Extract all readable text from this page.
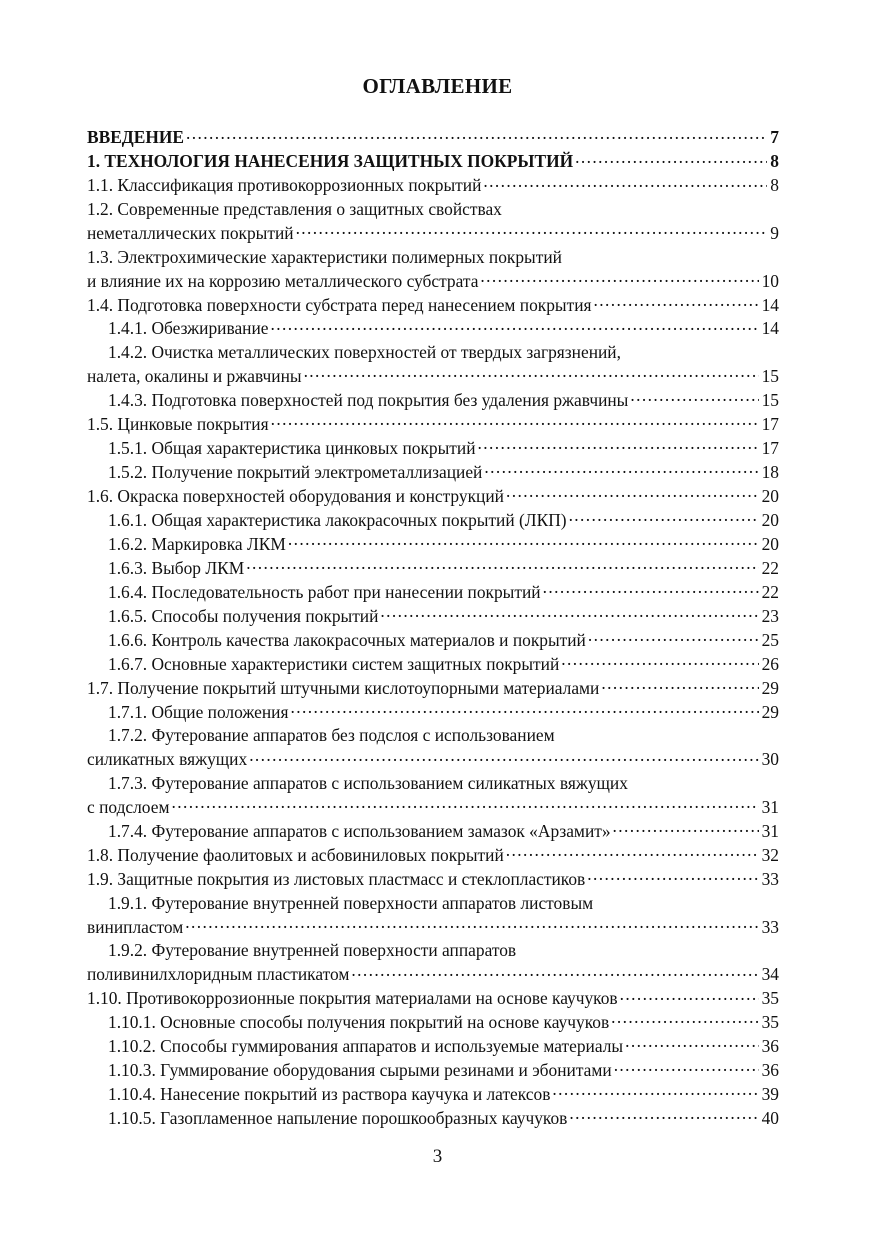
ОГЛАВЛЕНИЕ
ВВЕДЕНИЕ .....	7
1. ТЕХНОЛОГИЯ НАНЕСЕНИЯ ЗАЩИТНЫХ ПОКРЫТИЙ .....	8
1.1. Классификация противокоррозионных покрытий .....	8
1.2. Современные представления о защитных свойствах
неметаллических покрытий .....	9
1.3. Электрохимические характеристики полимерных покрытий
и влияние их на коррозию металлического субстрата .....	10
1.4. Подготовка поверхности субстрата перед нанесением покрытия .....	14
1.4.1. Обезжиривание .....	14
1.4.2. Очистка металлических поверхностей от твердых загрязнений,
налета, окалины и ржавчины .....	15
1.4.3. Подготовка поверхностей под покрытия без удаления ржавчины .....	15
1.5. Цинковые покрытия .....	17
1.5.1. Общая характеристика цинковых покрытий .....	17
1.5.2. Получение покрытий электрометаллизацией .....	18
1.6. Окраска поверхностей оборудования и конструкций .....	20
1.6.1. Общая характеристика лакокрасочных покрытий (ЛКП) .....	20
1.6.2. Маркировка ЛКМ .....	20
1.6.3. Выбор ЛКМ .....	22
1.6.4. Последовательность работ при нанесении покрытий .....	22
1.6.5. Способы получения покрытий .....	23
1.6.6. Контроль качества лакокрасочных материалов и покрытий .....	25
1.6.7. Основные характеристики систем защитных покрытий .....	26
1.7. Получение покрытий штучными кислотоупорными материалами .....	29
1.7.1. Общие положения .....	29
1.7.2. Футерование аппаратов без подслоя с использованием
силикатных вяжущих .....	30
1.7.3. Футерование аппаратов с использованием силикатных вяжущих
с подслоем .....	31
1.7.4. Футерование аппаратов с использованием замазок «Арзамит» .....	31
1.8. Получение фаолитовых и асбовиниловых покрытий .....	32
1.9. Защитные покрытия из листовых пластмасс и стеклопластиков .....	33
1.9.1. Футерование внутренней поверхности аппаратов листовым
винипластом .....	33
1.9.2. Футерование внутренней поверхности аппаратов
поливинилхлоридным пластикатом .....	34
1.10. Противокоррозионные покрытия материалами на основе каучуков .....	35
1.10.1. Основные способы получения покрытий на основе каучуков .....	35
1.10.2. Способы гуммирования аппаратов и используемые материалы .....	36
1.10.3. Гуммирование оборудования сырыми резинами и эбонитами .....	36
1.10.4. Нанесение покрытий из раствора каучука и латексов .....	39
1.10.5. Газопламенное напыление порошкообразных каучуков .....	40
3
